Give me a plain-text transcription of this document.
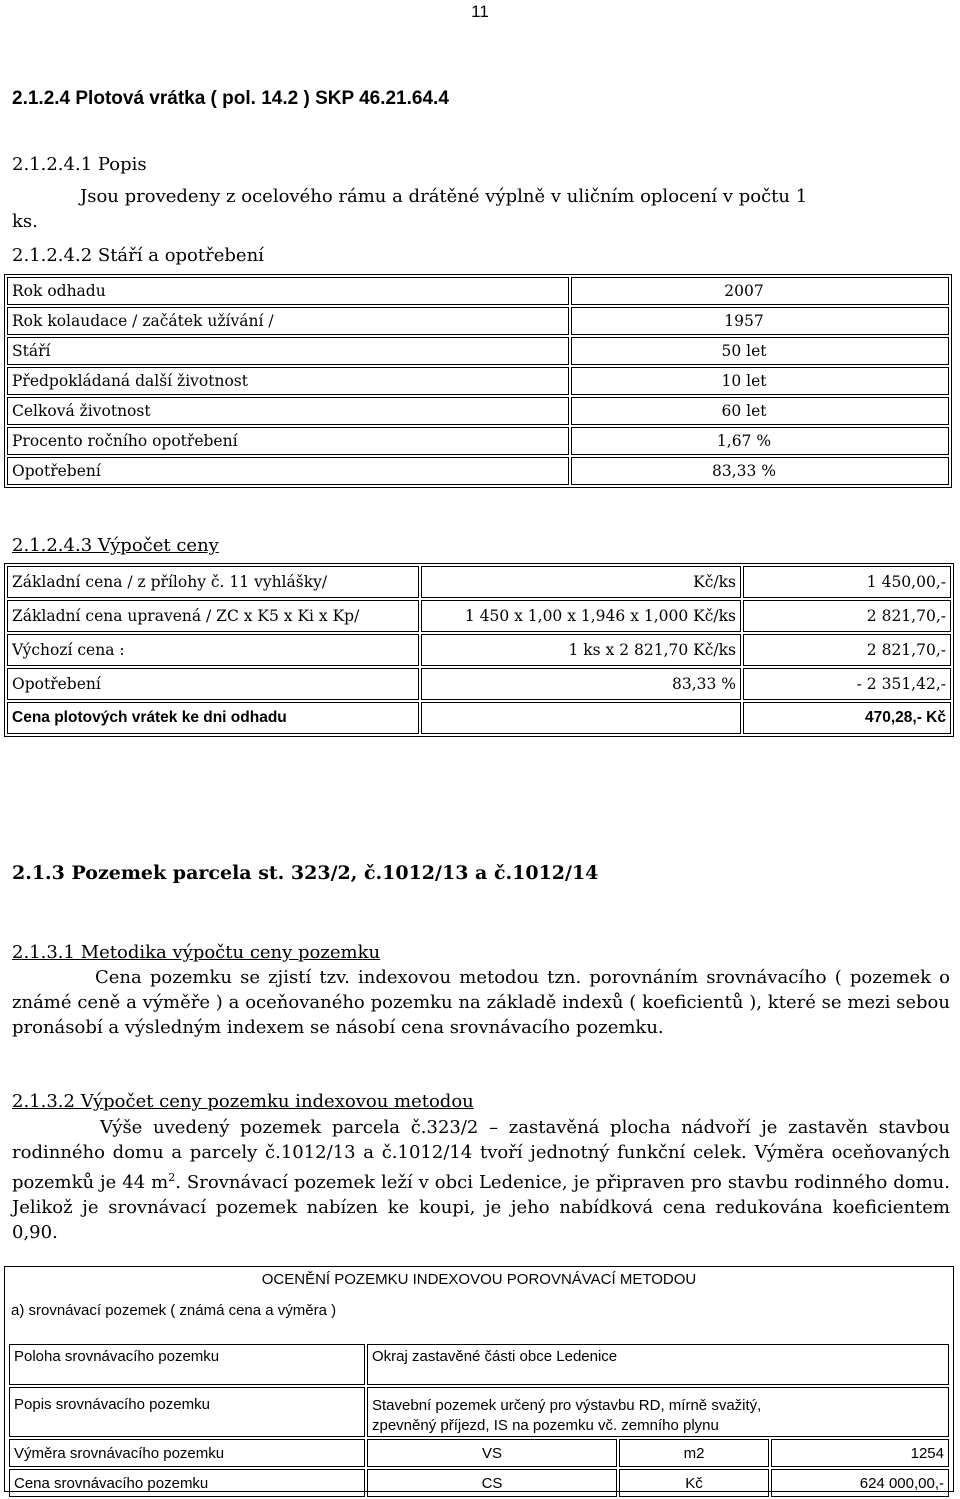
11
2.1.2.4 Plotová vrátka ( pol. 14.2 ) SKP 46.21.64.4
2.1.2.4.1 Popis
Jsou provedeny z ocelového rámu a drátěné výplně v uličním oplocení v počtu 1
ks.
2.1.2.4.2 Stáří a opotřebení
Rok odhadu	2007
Rok kolaudace / začátek užívání /	1957
Stáří	50 let
Předpokládaná další životnost	10 let
Celková životnost	60 let
Procento ročního opotřebení	1,67 %
Opotřebení	83,33 %
2.1.2.4.3 Výpočet ceny
Základní cena / z přílohy č. 11 vyhlášky/	Kč/ks	1 450,00,-
Základní cena upravená / ZC x K5 x Ki x Kp/	1 450 x 1,00 x 1,946 x 1,000 Kč/ks	2 821,70,-
Výchozí cena :	1 ks x 2 821,70 Kč/ks	2 821,70,-
Opotřebení	83,33 %	- 2 351,42,-
Cena plotových vrátek ke dni odhadu		470,28,- Kč
2.1.3 Pozemek parcela st. 323/2, č.1012/13 a č.1012/14
2.1.3.1 Metodika výpočtu ceny pozemku
Cena pozemku se zjistí tzv. indexovou metodou tzn. porovnáním srovnávacího ( pozemek o známé ceně a výměře ) a oceňovaného pozemku na základě indexů ( koeficientů ), které se mezi sebou pronásobí a výsledným indexem se násobí cena srovnávacího pozemku.
2.1.3.2 Výpočet ceny pozemku indexovou metodou
Výše uvedený pozemek parcela č.323/2 – zastavěná plocha nádvoří je zastavěn stavbou rodinného domu a parcely č.1012/13 a č.1012/14 tvoří jednotný funkční celek. Výměra oceňovaných pozemků je 44 $m^2$. Srovnávací pozemek leží v obci Ledenice, je připraven pro stavbu rodinného domu. Jelikož je srovnávací pozemek nabízen ke koupi, je jeho nabídková cena redukována koeficientem 0,90.
OCENĚNÍ POZEMKU INDEXOVOU POROVNÁVACÍ METODOU
a) srovnávací pozemek ( známá cena a výměra )
Poloha srovnávacího pozemku	Okraj zastavěné části obce Ledenice		
Popis srovnávacího pozemku	Stavební pozemek určený pro výstavbu RD, mírně svažitý,
zpevněný příjezd, IS na pozemku vč. zemního plynu		

Výměra srovnávacího pozemku	VS	m2	1254
Cena srovnávacího pozemku	CS	Kč	624 000,00,-
